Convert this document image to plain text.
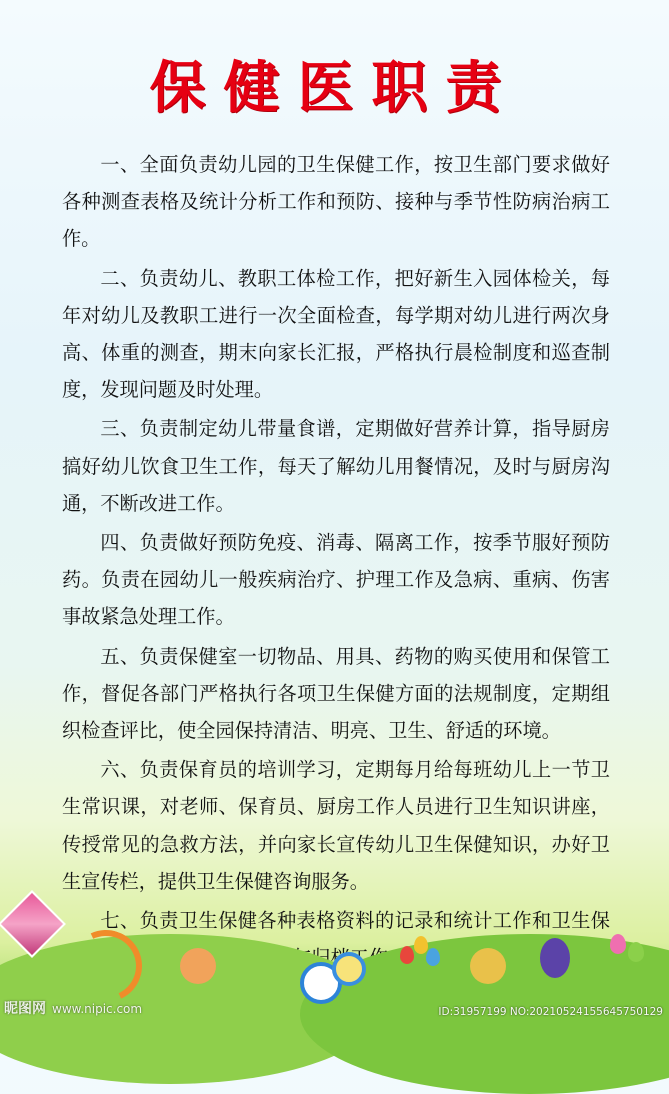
保健医职责

一、全面负责幼儿园的卫生保健工作，按卫生部门要求做好各种测查表格及统计分析工作和预防、接种与季节性防病治病工作。

二、负责幼儿、教职工体检工作，把好新生入园体检关，每年对幼儿及教职工进行一次全面检查，每学期对幼儿进行两次身高、体重的测查，期末向家长汇报，严格执行晨检制度和巡查制度，发现问题及时处理。

三、负责制定幼儿带量食谱，定期做好营养计算，指导厨房搞好幼儿饮食卫生工作，每天了解幼儿用餐情况，及时与厨房沟通，不断改进工作。

四、负责做好预防免疫、消毒、隔离工作，按季节服好预防药。负责在园幼儿一般疾病治疗、护理工作及急病、重病、伤害事故紧急处理工作。

五、负责保健室一切物品、用具、药物的购买使用和保管工作，督促各部门严格执行各项卫生保健方面的法规制度，定期组织检查评比，使全园保持清洁、明亮、卫生、舒适的环境。

六、负责保育员的培训学习，定期每月给每班幼儿上一节卫生常识课，对老师、保育员、厨房工作人员进行卫生知识讲座，传授常见的急救方法，并向家长宣传幼儿卫生保健知识，办好卫生宣传栏，提供卫生保健咨询服务。

七、负责卫生保健各种表格资料的记录和统计工作和卫生保 归档

昵图网 www.nipic.com	ID:31957199 NO:20210524155645750129
